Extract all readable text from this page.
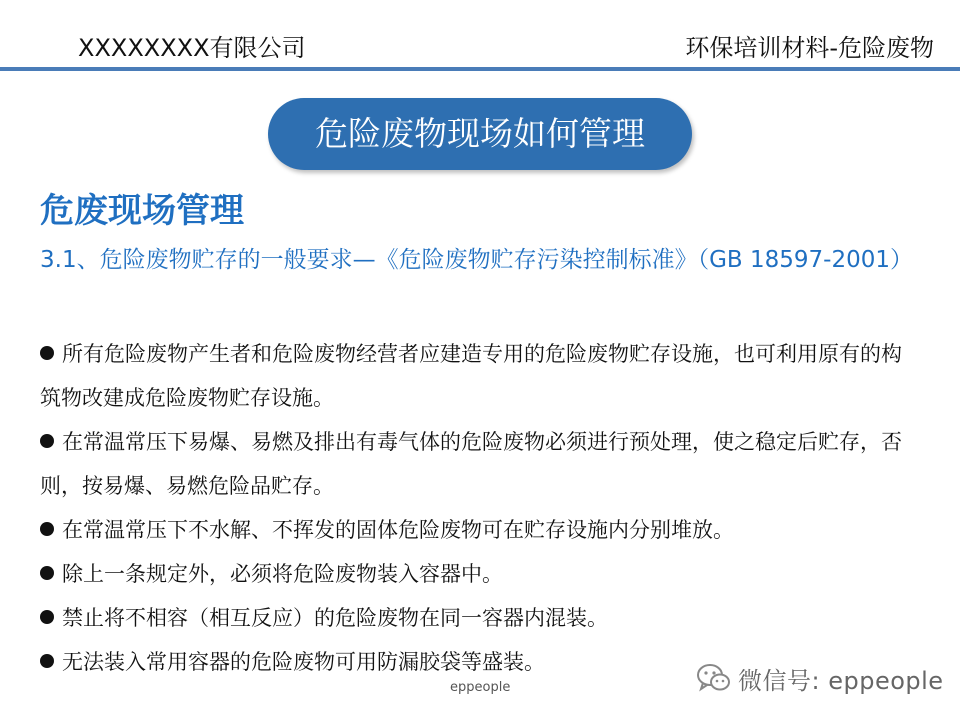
XXXXXXXX有限公司	环保培训材料-危险废物
危险废物现场如何管理
危废现场管理
3.1、危险废物贮存的一般要求—《危险废物贮存污染控制标准》（GB 18597-2001）
所有危险废物产生者和危险废物经营者应建造专用的危险废物贮存设施，也可利用原有的构筑物改建成危险废物贮存设施。
在常温常压下易爆、易燃及排出有毒气体的危险废物必须进行预处理，使之稳定后贮存，否则，按易爆、易燃危险品贮存。
在常温常压下不水解、不挥发的固体危险废物可在贮存设施内分别堆放。
除上一条规定外，必须将危险废物装入容器中。
禁止将不相容（相互反应）的危险废物在同一容器内混装。
无法装入常用容器的危险废物可用防漏胶袋等盛装。
eppeople	微信号: eppeople
